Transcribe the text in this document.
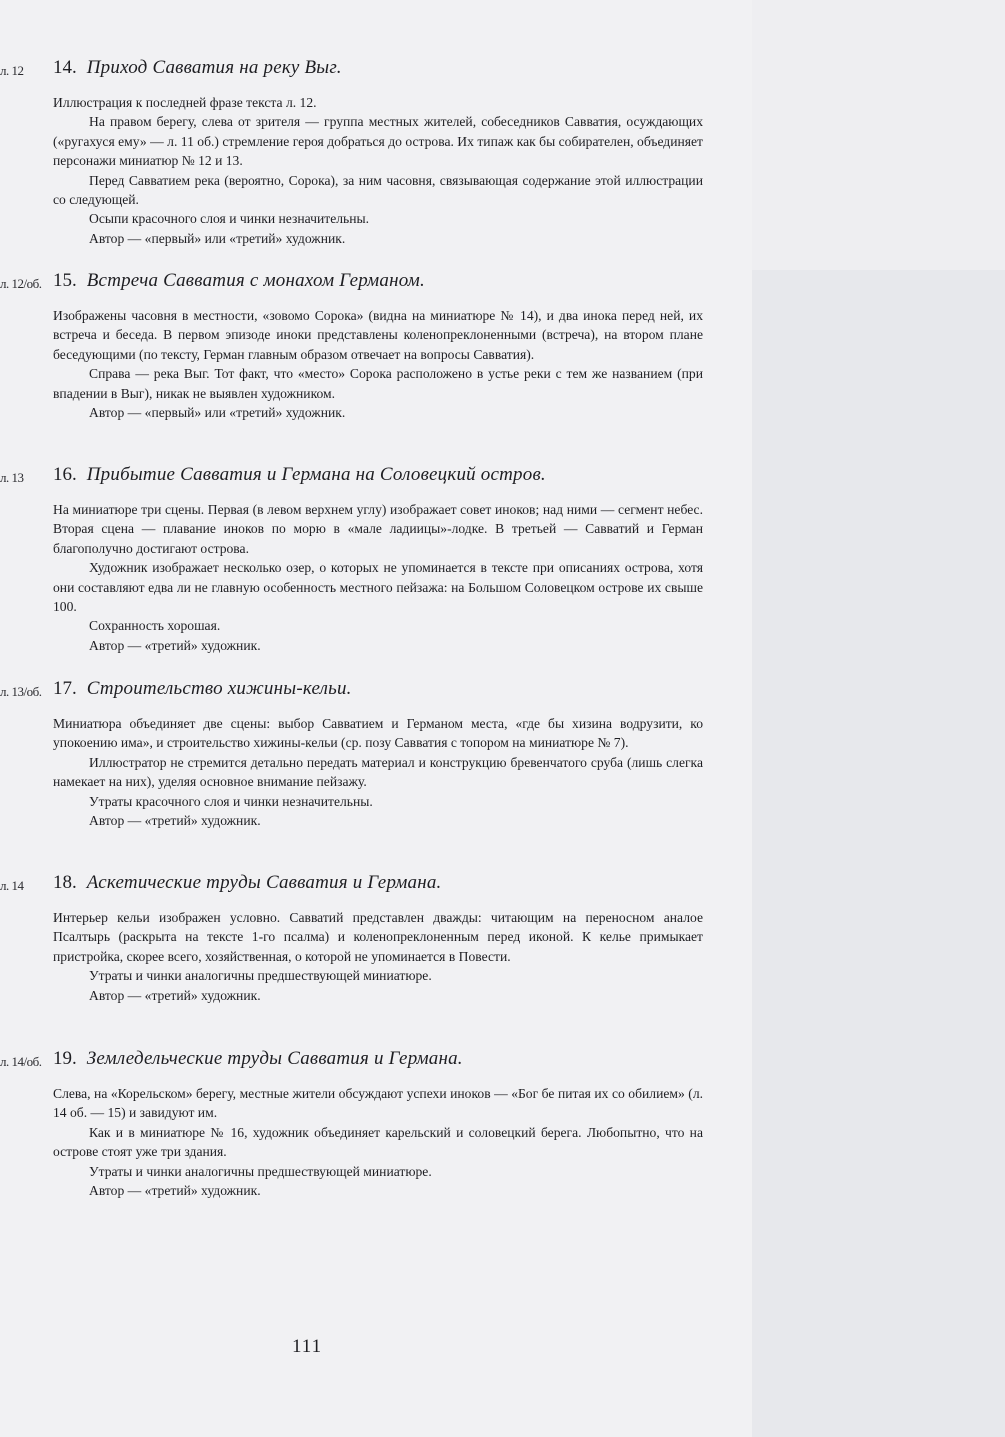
л. 12	14. Приход Савватия на реку Выг.

Иллюстрация к последней фразе текста л. 12.

На правом берегу, слева от зрителя — группа местных жителей, собеседников Савватия, осуждающих («ругахуся ему» — л. 11 об.) стремление героя добраться до острова. Их типаж как бы собирателен, объединяет персонажи миниатюр № 12 и 13.

Перед Савватием река (вероятно, Сорока), за ним часовня, связывающая содержание этой иллюстрации со следующей.

Осыпи красочного слоя и чинки незначительны.

Автор — «первый» или «третий» художник.

л. 12/об. 15. Встреча Савватия с монахом Германом.

Изображены часовня в местности, «зовомо Сорока» (видна на миниатюре № 14), и два инока перед ней, их встреча и беседа. В первом эпизоде иноки представлены коленопреклоненными (встреча), на втором плане беседующими (по тексту, Герман главным образом отвечает на вопросы Савватия).

Справа — река Выг. Тот факт, что «место» Сорока расположено в устье реки с тем же названием (при впадении в Выг), никак не выявлен художником.

Автор — «первый» или «третий» художник.

л. 13	16. Прибытие Савватия и Германа на Соловецкий остров.

На миниатюре три сцены. Первая (в левом верхнем углу) изображает совет иноков; над ними — сегмент небес. Вторая сцена — плавание иноков по морю в «мале ладиицы»-лодке. В третьей — Савватий и Герман благополучно достигают острова.

Художник изображает несколько озер, о которых не упоминается в тексте при описаниях острова, хотя они составляют едва ли не главную особенность местного пейзажа: на Большом Соловецком острове их свыше 100.

Сохранность хорошая.

Автор — «третий» художник.

л. 13/об. 17. Строительство хижины-кельи.

Миниатюра объединяет две сцены: выбор Савватием и Германом места, «где бы хизина водрузити, ко упокоению има», и строительство хижины-кельи (ср. позу Савватия с топором на миниатюре № 7).

Иллюстратор не стремится детально передать материал и конструкцию бревенчатого сруба (лишь слегка намекает на них), уделяя основное внимание пейзажу.

Утраты красочного слоя и чинки незначительны.

Автор — «третий» художник.

л. 14	18. Аскетические труды Савватия и Германа.

Интерьер кельи изображен условно. Савватий представлен дважды: читающим на переносном аналое Псалтырь (раскрыта на тексте 1-го псалма) и коленопреклоненным перед иконой. К келье примыкает пристройка, скорее всего, хозяйственная, о которой не упоминается в Повести.

Утраты и чинки аналогичны предшествующей миниатюре.

Автор — «третий» художник.

л. 14/об. 19. Земледельческие труды Савватия и Германа.

Слева, на «Корельском» берегу, местные жители обсуждают успехи иноков — «Бог бе питая их со обилием» (л. 14 об. — 15) и завидуют им.

Как и в миниатюре № 16, художник объединяет карельский и соловецкий берега. Любопытно, что на острове стоят уже три здания.

Утраты и чинки аналогичны предшествующей миниатюре.

Автор — «третий» художник.

111
